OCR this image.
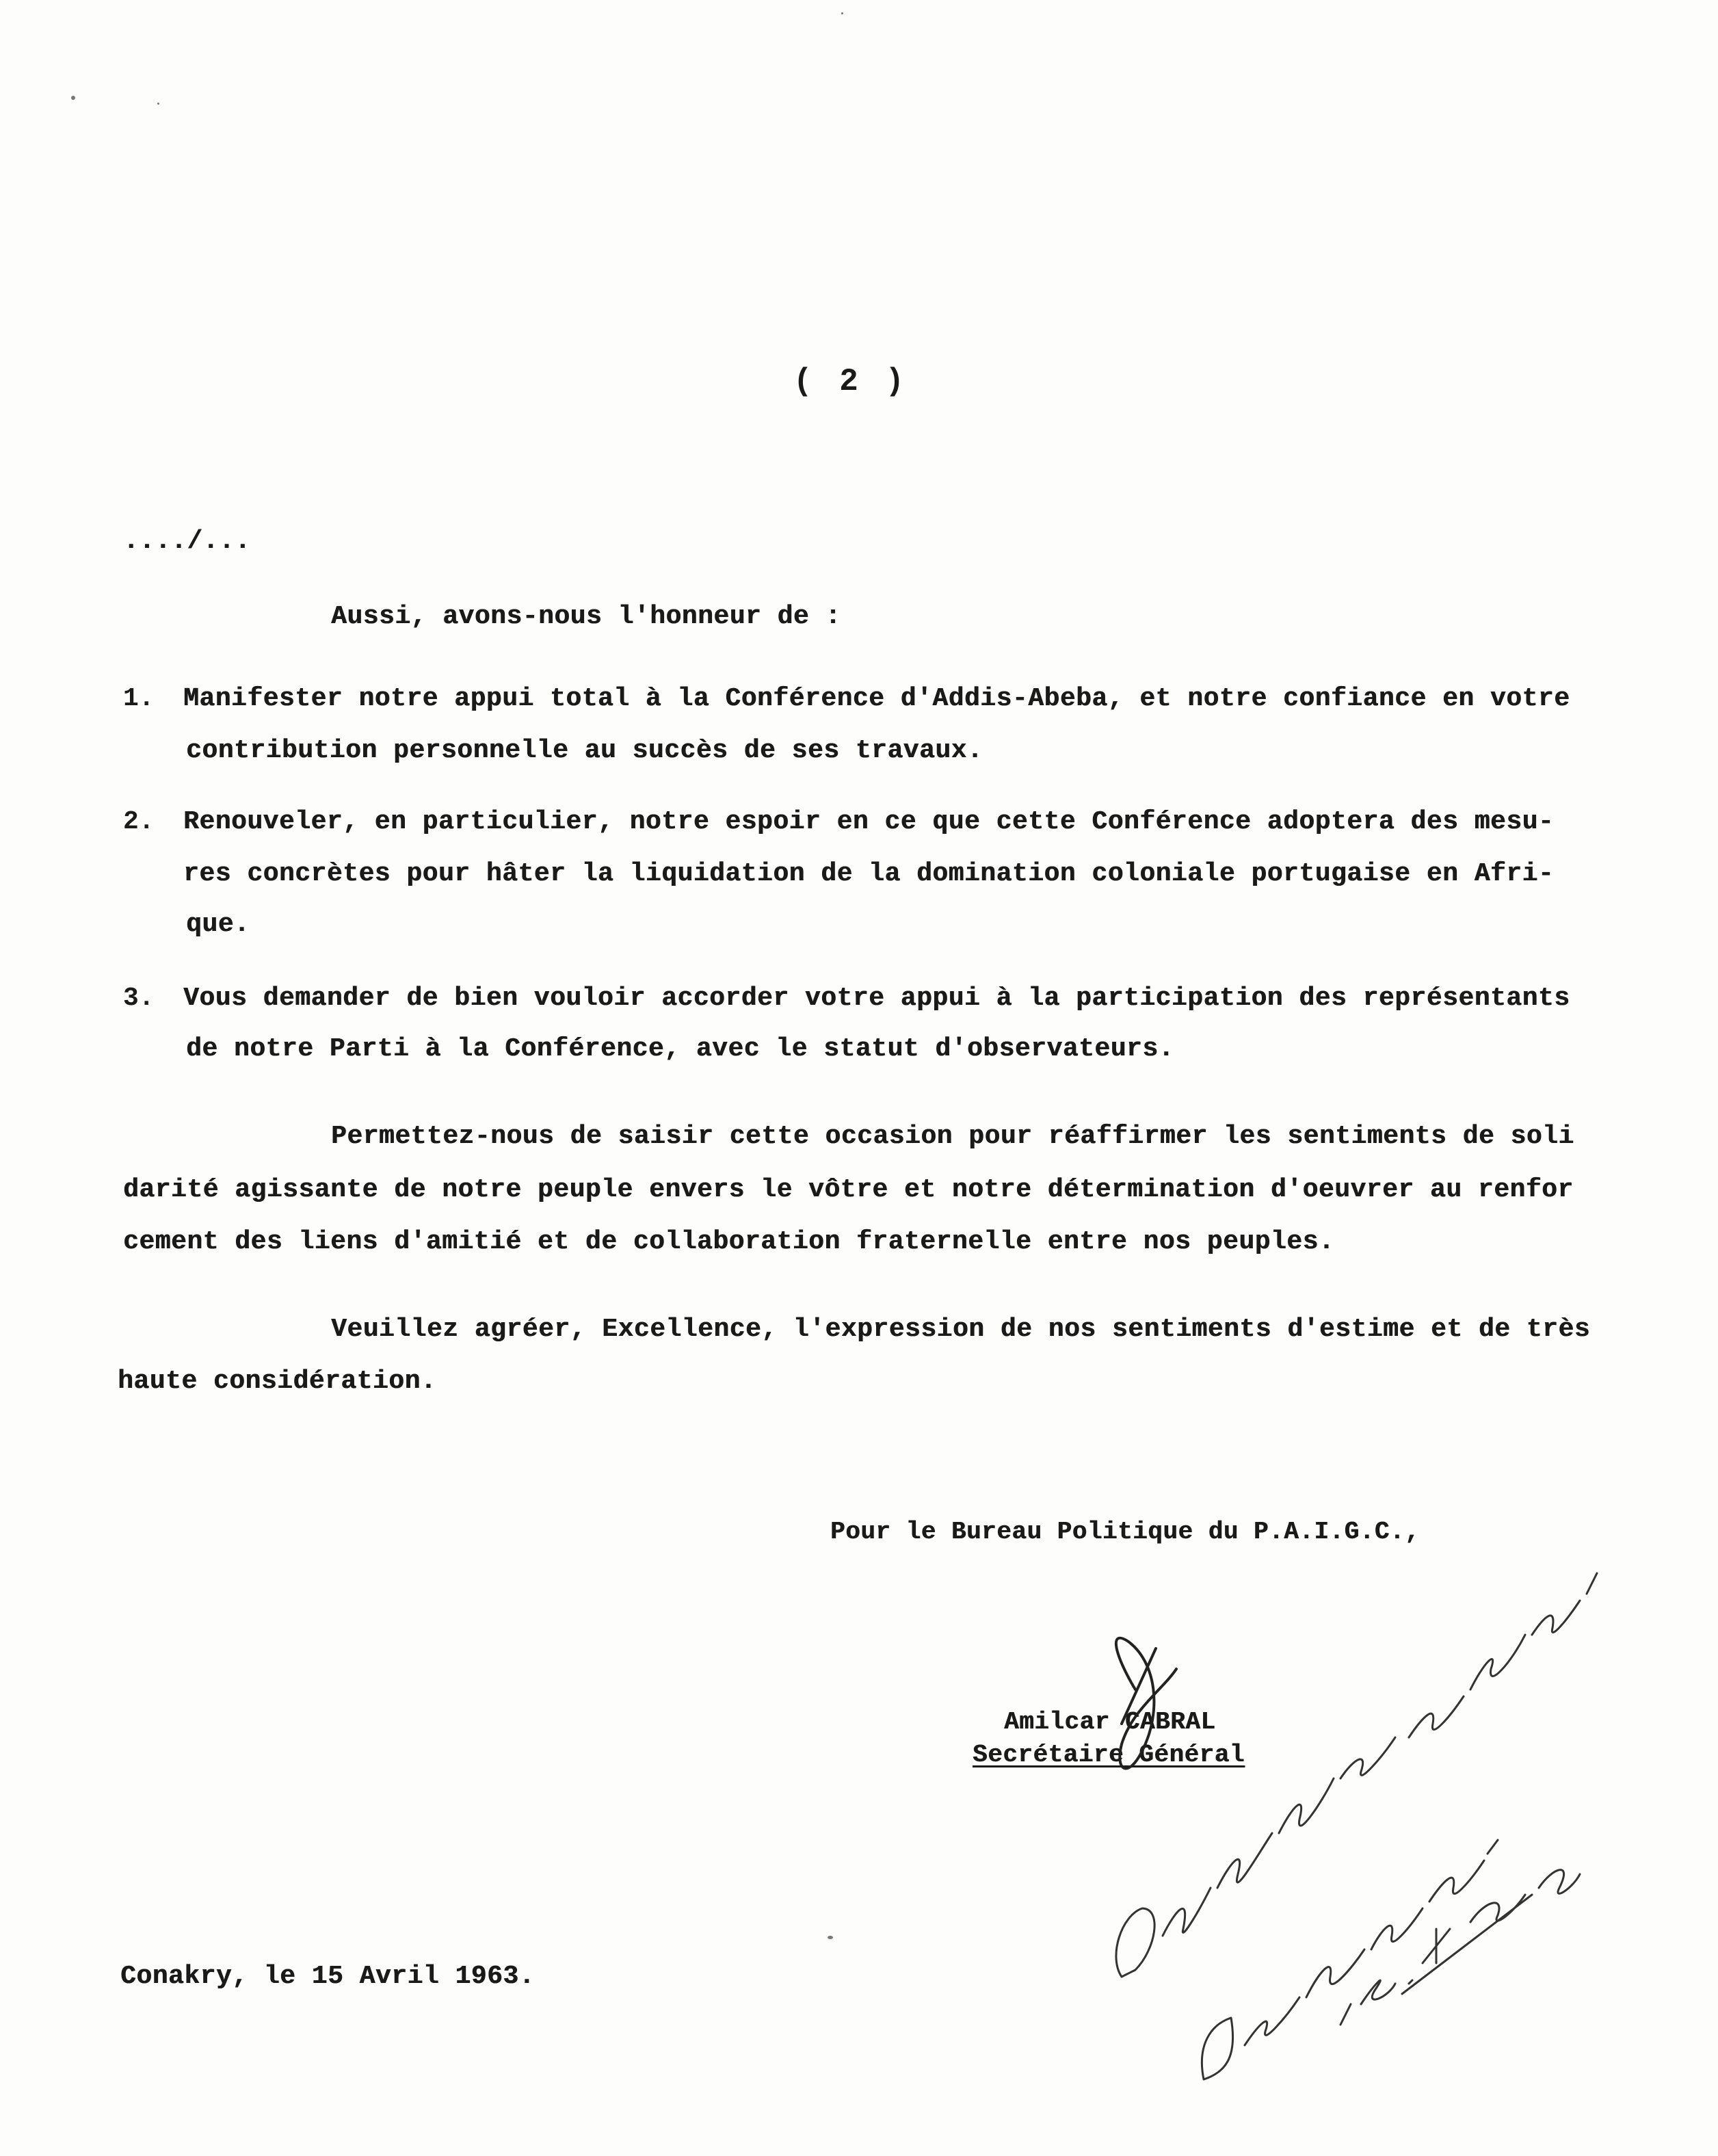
( 2 )
..../...
Aussi, avons-nous l'honneur de :
1. Manifester notre appui total à la Conférence d'Addis-Abeba, et notre confiance en votre
contribution personnelle au succès de ses travaux.
2. Renouveler, en particulier, notre espoir en ce que cette Conférence adoptera des mesu-
res concrètes pour hâter la liquidation de la domination coloniale portugaise en Afri-
que.
3. Vous demander de bien vouloir accorder votre appui à la participation des représentants
de notre Parti à la Conférence, avec le statut d'observateurs.
Permettez-nous de saisir cette occasion pour réaffirmer les sentiments de soli
darité agissante de notre peuple envers le vôtre et notre détermination d'oeuvrer au renfor
cement des liens d'amitié et de collaboration fraternelle entre nos peuples.
Veuillez agréer, Excellence, l'expression de nos sentiments d'estime et de très
haute considération.
Pour le Bureau Politique du P.A.I.G.C.,
Amilcar CABRAL
Secrétaire Général
Conakry, le 15 Avril 1963.
